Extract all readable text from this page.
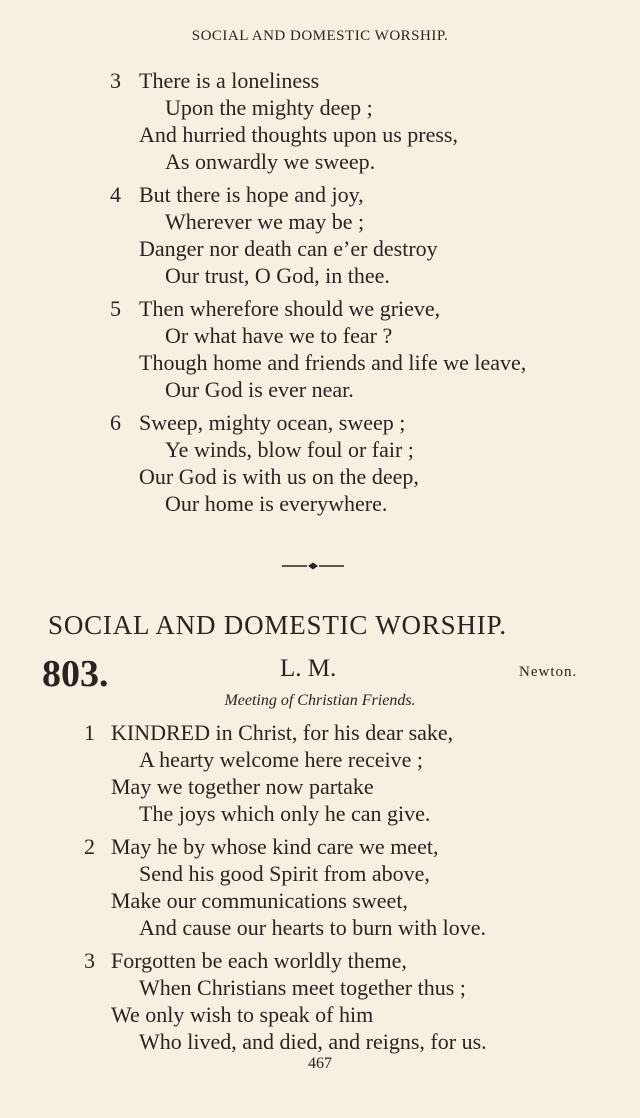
SOCIAL AND DOMESTIC WORSHIP.
3 There is a loneliness
Upon the mighty deep ;
And hurried thoughts upon us press,
As onwardly we sweep.
4 But there is hope and joy,
Wherever we may be ;
Danger nor death can e’er destroy
Our trust, O God, in thee.
5 Then wherefore should we grieve,
Or what have we to fear ?
Though home and friends and life we leave,
Our God is ever near.
6 Sweep, mighty ocean, sweep ;
Ye winds, blow foul or fair ;
Our God is with us on the deep,
Our home is everywhere.
SOCIAL AND DOMESTIC WORSHIP.
803.	L. M.	Newton.
Meeting of Christian Friends.
1 KINDRED in Christ, for his dear sake,
A hearty welcome here receive ;
May we together now partake
The joys which only he can give.
2 May he by whose kind care we meet,
Send his good Spirit from above,
Make our communications sweet,
And cause our hearts to burn with love.
3 Forgotten be each worldly theme,
When Christians meet together thus ;
We only wish to speak of him
Who lived, and died, and reigns, for us.
467
